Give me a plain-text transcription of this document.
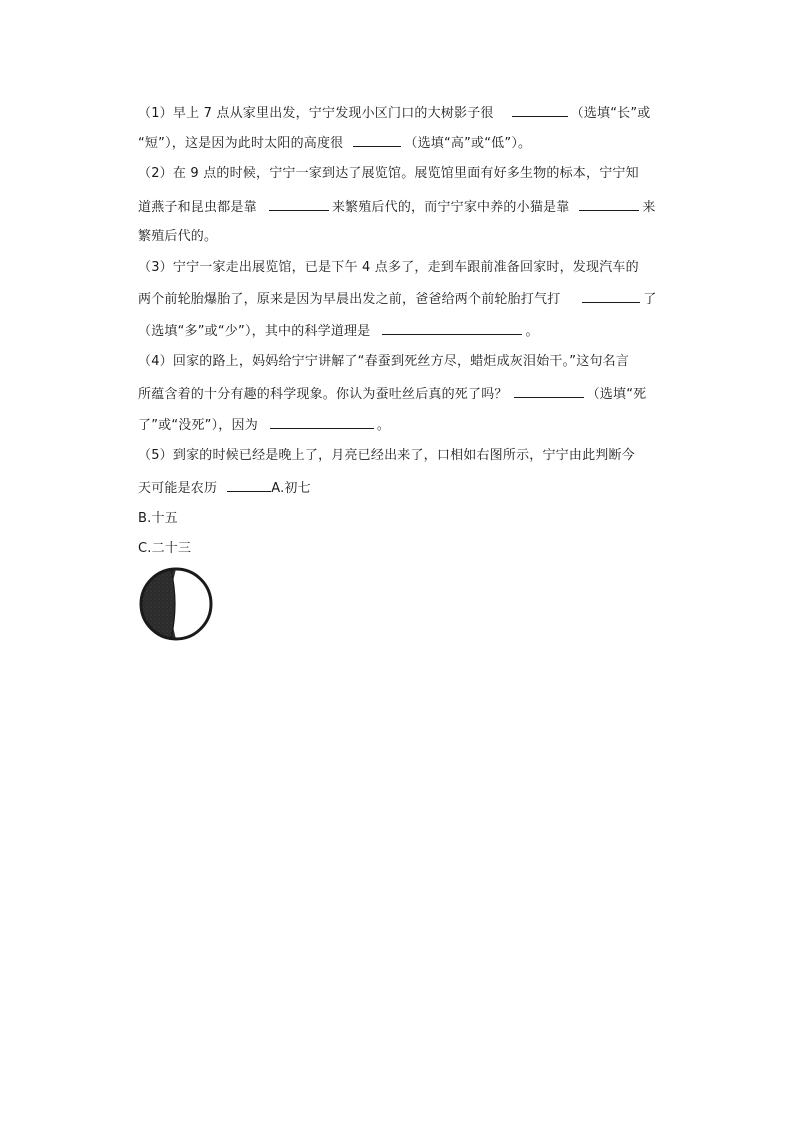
（1）早上 7 点从家里出发，宁宁发现小区门口的大树影子很	（选填“长”或
“短”），这是因为此时太阳的高度很	（选填“高”或“低”）。
（2）在 9 点的时候，宁宁一家到达了展览馆。展览馆里面有好多生物的标本，宁宁知
道燕子和昆虫都是靠	来繁殖后代的，而宁宁家中养的小猫是靠	来
繁殖后代的。
（3）宁宁一家走出展览馆，已是下午 4 点多了，走到车跟前准备回家时，发现汽车的
两个前轮胎爆胎了，原来是因为早晨出发之前，爸爸给两个前轮胎打气打	了
（选填“多”或“少”），其中的科学道理是	。
（4）回家的路上，妈妈给宁宁讲解了“春蚕到死丝方尽，蜡炬成灰泪始干。”这句名言
所蕴含着的十分有趣的科学现象。你认为蚕吐丝后真的死了吗？	（选填“死
了”或“没死”），因为	。
（5）到家的时候已经是晚上了，月亮已经出来了，口相如右图所示，宁宁由此判断今
天可能是农历	A.初七
B.十五
C.二十三
